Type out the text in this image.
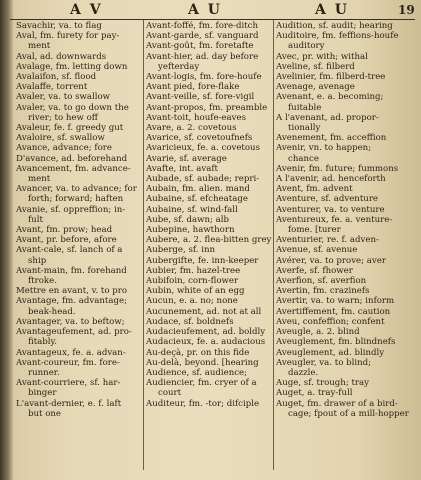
A V	A U	A U	19
Savachir, va. to flag
Aval, fm. furety for pay-
ment
Aval, ad. downwards
Avalage, fm. letting down
Avalaifon, sf. flood
Avalaffe, torrent
Avaler, va. to swallow
Avaler, va. to go down the
river; to hew off
Avaleur, fe. f. greedy gut
Avaloire, sf. swallow
Avance, advance; fore
D'avance, ad. beforehand
Avancement, fm. advance-
ment
Avancer, va. to advance; for
forth; forward; haften
Avanie, sf. oppreffion; in-
fult
Avant, fm. prow; head
Avant, pr. before, afore
Avant-cale, sf. lanch of a
ship
Avant-main, fm. forehand
ftroke.
Mettre en avant, v. to pro
Avantage, fm. advantage;
beak-head.
Avantager, va. to beftow;
Avantageufement, ad. pro-
fitably.
Avantageux, fe. a. advan-
Avant-coureur, fm. fore-
runner.
Avant-courriere, sf. har-
binger
L'avant-dernier, e. f. laft
but one
Avant-foffé, fm. fore-ditch
Avant-garde, sf. vanguard
Avant-goût, fm. foretafte
Avant-hier, ad. day before
yefterday
Avant-logis, fm. fore-houfe
Avant pied, fore-flake
Avant-veille, sf. fore-vigil
Avant-propos, fm. preamble
Avant-toit, houfe-eaves
Avare, a. 2. covetous
Avarice, sf. covetoufnefs
Avaricieux, fe. a. covetous
Avarie, sf. average
Avafte, int. avaft
Aubade, sf. aubade; repri-
Aubain, fm. alien. mand
Aubaine, sf. efcheatage
Aubaine, sf. wind-fall
Aube, sf. dawn; alb
Aubepine, hawthorn
Aubere, a. 2. flea-bitten grey
Auberge, sf. inn
Aubergifte, fe. inn-keeper
Aubier, fm. hazel-tree
Aubifoin, corn-flower
Aubin, white of an egg
Aucun, e. a. no; none
Aucunement, ad. not at all
Audace, sf. boldnefs
Audacieufement, ad. boldly
Audacieux, fe. a. audacious
Au-deçà, pr. on this fide
Au-delà, beyond. [hearing
Audience, sf. audience;
Audiencier, fm. cryer of a
court
Auditeur, fm. -tor; difciple
Audition, sf. audit; hearing
Auditoire, fm. feffions-houfe
auditory
Avec, pr. with; withal
Aveline, sf. filberd
Avelinier, fm. filberd-tree
Avenage, avenage
Avenant, e. a. becoming;
fuitable
A l'avenant, ad. propor-
tionally
Avenement, fm. acceffion
Avenir, vn. to happen;
chance
Avenir, fm. future; fummons
A l'avenir, ad. henceforth
Avent, fm. advent
Aventure, sf. adventure
Aventurer, va. to venture
Aventureux, fe. a. venture-
fome. [turer
Aventurier, re. f. adven-
Avenue, sf. avenue
Avérer, va. to prove; aver
Averfe, sf. fhower
Averfion, sf. averfion
Avertin, fm. crazinefs
Avertir, va. to warn; inform
Avertiffement, fm. caution
Aveu, confeffion; confent
Aveugle, a. 2. blind
Aveuglement, fm. blindnefs
Aveuglement, ad. blindly
Aveugler, va. to blind;
dazzle.
Auge, sf. trough; tray
Auget, a. tray-full
Auget, fm. drawer of a bird-
cage; fpout of a mill-hopper
